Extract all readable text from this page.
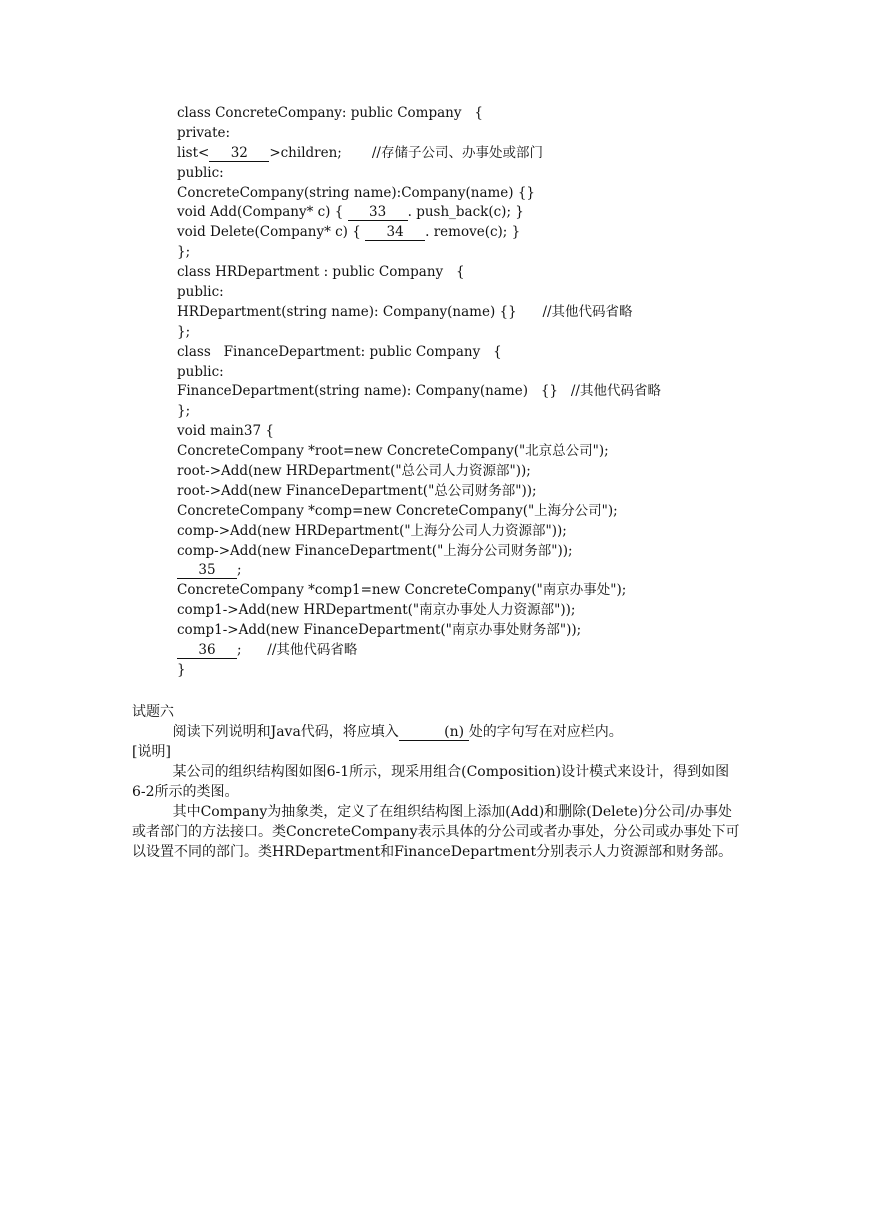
class ConcreteCompany: public Company   {
private:
list< 32 >children;       //存储子公司、办事处或部门
public:
ConcreteCompany(string name):Company(name) {}
void Add(Company* c) { 33 . push_back(c); }
void Delete(Company* c) { 34 . remove(c); }
};
class HRDepartment : public Company   {
public:
HRDepartment(string name): Company(name) {}      //其他代码省略
};
class   FinanceDepartment: public Company   {
public:
FinanceDepartment(string name): Company(name)   {}   //其他代码省略
};
void main37 {
ConcreteCompany *root=new ConcreteCompany("北京总公司");
root->Add(new HRDepartment("总公司人力资源部"));
root->Add(new FinanceDepartment("总公司财务部"));
ConcreteCompany *comp=new ConcreteCompany("上海分公司");
comp->Add(new HRDepartment("上海分公司人力资源部"));
comp->Add(new FinanceDepartment("上海分公司财务部"));
35 ;
ConcreteCompany *comp1=new ConcreteCompany("南京办事处");
comp1->Add(new HRDepartment("南京办事处人力资源部"));
comp1->Add(new FinanceDepartment("南京办事处财务部"));
36 ;      //其他代码省略
}

试题六

阅读下列说明和Java代码，将应填入	(n) 处的字句写在对应栏内。

[说明]

某公司的组织结构图如图6-1所示，现采用组合(Composition)设计模式来设计，得到如图6-2所示的类图。

其中Company为抽象类，定义了在组织结构图上添加(Add)和删除(Delete)分公司/办事处或者部门的方法接口。类ConcreteCompany表示具体的分公司或者办事处，分公司或办事处下可以设置不同的部门。类HRDepartment和FinanceDepartment分别表示人力资源部和财务部。
